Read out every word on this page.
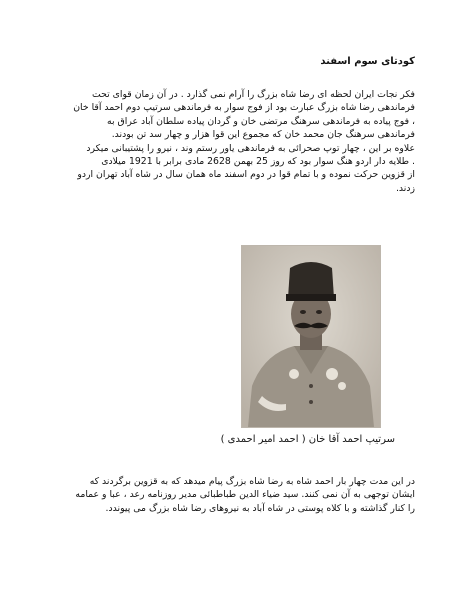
کودتای سوم اسفند

فکر نجات ایران لحظه ای رضا شاه بزرگ را آرام نمی گذارد . در آن زمان قوای تحت
فرماندهی رضا شاه بزرگ عبارت بود از فوج سوار به فرماندهی سرتیپ دوم احمد آقا خان
، فوج پیاده به فرماندهی سرهنگ مرتضی خان و گردان پیاده سلطان آباد عراق به
فرماندهی سرهنگ جان محمد خان که مجموع این قوا هزار و چهار سد تن بودند.
علاوه بر این ، چهار توپ صحرائی به فرماندهی یاور رستم وند ، نیرو را پشتیبانی میکرد
. طلایه دار اردو هنگ سوار بود که روز 25 بهمن 2628 مادی برابر با 1921 میلادی
از قزوین حرکت نموده و با تمام قوا در دوم اسفند ماه همان سال در شاه آباد تهران اردو
زدند.

سرتیپ احمد آقا خان ( احمد امیر احمدی )

در این مدت چهار بار احمد شاه به رضا شاه بزرگ پیام میدهد که به قزوین برگردند که
ایشان توجهی به آن نمی کنند. سید ضیاء الدین طباطبائی مدیر روزنامه رعد ، عبا و عمامه
را کنار گذاشته و با کلاه پوستی در شاه آباد به نیروهای رضا شاه بزرگ می پیوندد.
